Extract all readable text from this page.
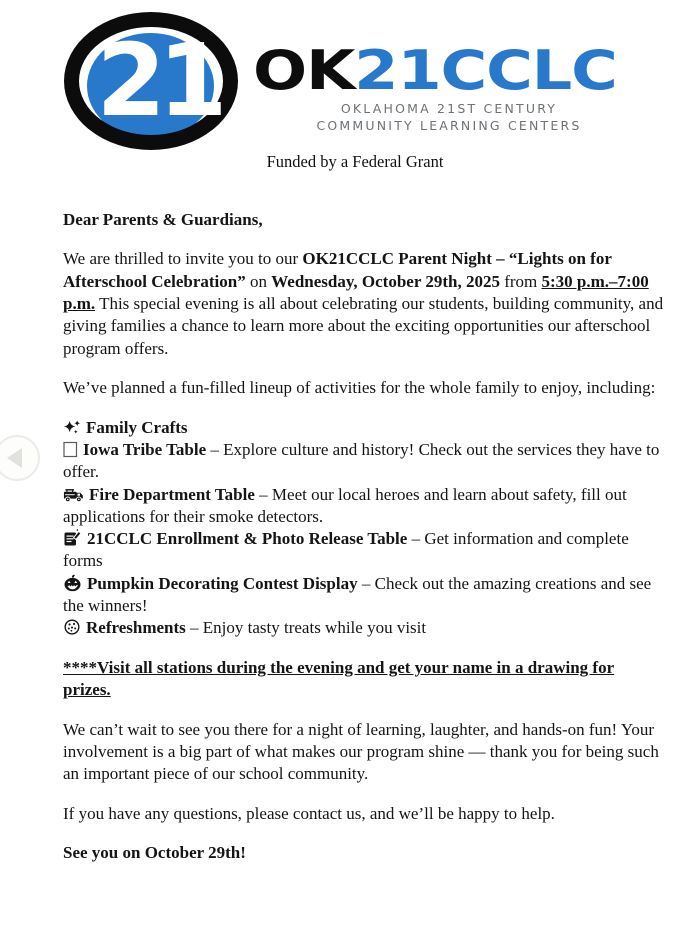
21 OK21CCLC
OKLAHOMA 21ST CENTURY
COMMUNITY LEARNING CENTERS
Funded by a Federal Grant

Dear Parents & Guardians,

We are thrilled to invite you to our OK21CCLC Parent Night – “Lights on for Afterschool Celebration” on Wednesday, October 29th, 2025 from 5:30 p.m.–7:00 p.m. This special evening is all about celebrating our students, building community, and giving families a chance to learn more about the exciting opportunities our afterschool program offers.

We’ve planned a fun-filled lineup of activities for the whole family to enjoy, including:

Family Crafts

Iowa Tribe Table – Explore culture and history! Check out the services they have to offer.

Fire Department Table – Meet our local heroes and learn about safety, fill out applications for their smoke detectors.

21CCLC Enrollment & Photo Release Table – Get information and complete forms

Pumpkin Decorating Contest Display – Check out the amazing creations and see the winners!

Refreshments – Enjoy tasty treats while you visit

****Visit all stations during the evening and get your name in a drawing for prizes.

We can’t wait to see you there for a night of learning, laughter, and hands-on fun! Your involvement is a big part of what makes our program shine — thank you for being such an important piece of our school community.

If you have any questions, please contact us, and we’ll be happy to help.

See you on October 29th!
